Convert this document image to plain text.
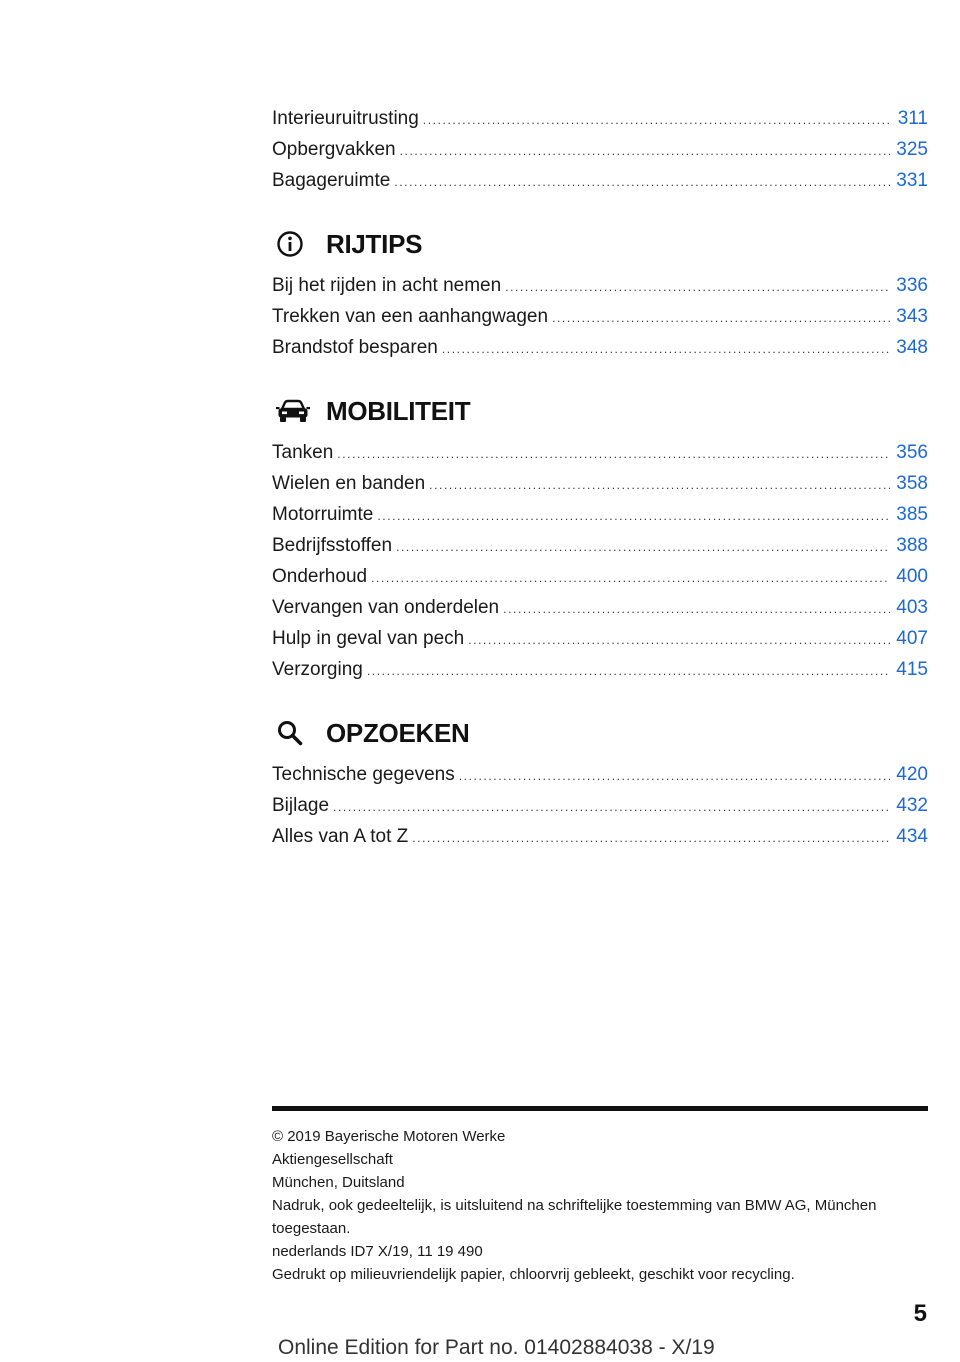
Interieuruitrusting .....	311
Opbergvakken .....	325
Bagageruimte .....	331
RIJTIPS
Bij het rijden in acht nemen .....	336
Trekken van een aanhangwagen .....	343
Brandstof besparen .....	348
MOBILITEIT
Tanken .....	356
Wielen en banden .....	358
Motorruimte .....	385
Bedrijfsstoffen .....	388
Onderhoud .....	400
Vervangen van onderdelen .....	403
Hulp in geval van pech .....	407
Verzorging .....	415
OPZOEKEN
Technische gegevens .....	420
Bijlage .....	432
Alles van A tot Z .....	434
© 2019 Bayerische Motoren Werke
Aktiengesellschaft
München, Duitsland
Nadruk, ook gedeeltelijk, is uitsluitend na schriftelijke toestemming van BMW AG, München toegestaan.
nederlands ID7 X/19, 11 19 490
Gedrukt op milieuvriendelijk papier, chloorvrij gebleekt, geschikt voor recycling.
5
Online Edition for Part no. 01402884038 - X/19
